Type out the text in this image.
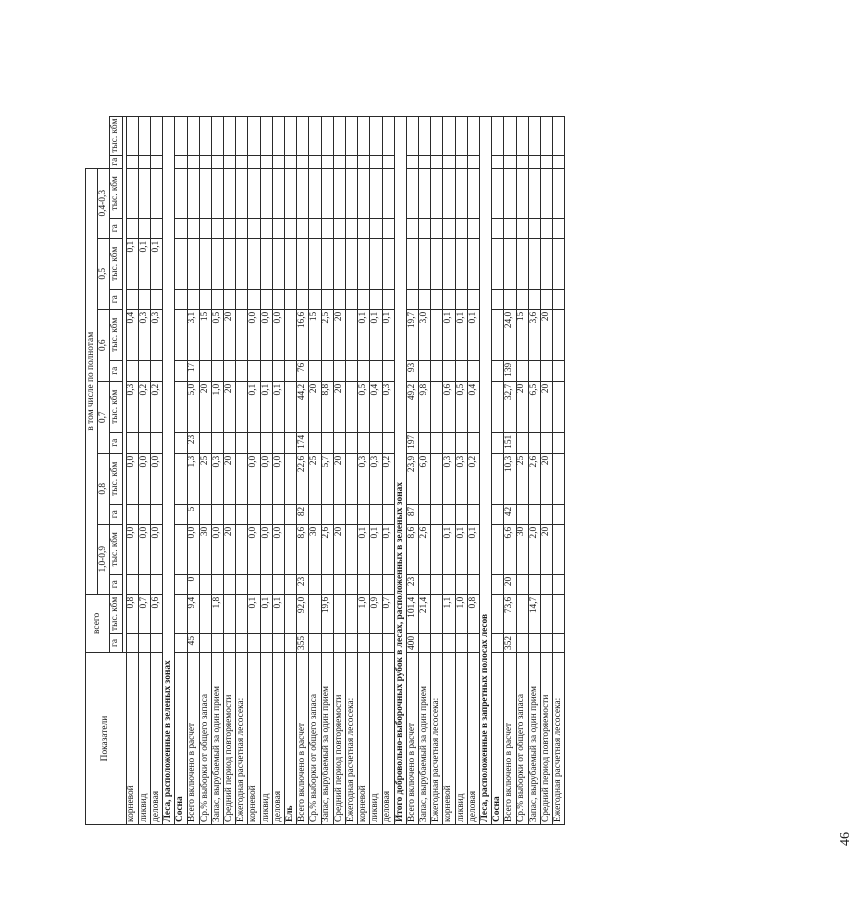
Показатели	всего		в том числе по полнотам													
			1,0-0,9		0,8		0,7		0,6		0,5		0,4-0,3			
	га	тыс. кбм	га	тыс. кбм	га	тыс. кбм	га	тыс. кбм	га	тыс. кбм	га	тыс. кбм	га	тыс. кбм	га	тыс. кбм

корневой		0,8		0,0		0,0		0,3		0,4		0,1				
ликвид		0,7		0,0		0,0		0,2		0,3		0,1				
деловая		0,6		0,0		0,0		0,2		0,3		0,1				
Леса, расположенные в зеленых зонах																
Сосна																
Всего включено в расчет	45	9,4	0	0,0	5	1,3	23	5,0	17	3,1						
Ср.% выборки от общего запаса				30		25		20		15						
Запас, вырубаемый за один прием		1,8		0,0		0,3		1,0		0,5						
Средний период повторяемости				20		20		20		20						
Ежегодная расчетная лесосека:																
корневой		0,1		0,0		0,0		0,1		0,0						
ликвид		0,1		0,0		0,0		0,1		0,0						
деловая		0,1		0,0		0,0		0,1		0,0						
Ель																
Всего включено в расчет	355	92,0	23	8,6	82	22,6	174	44,2	76	16,6						
Ср.% выборки от общего запаса				30		25		20		15						
Запас, вырубаемый за один прием		19,6		2,6		5,7		8,8		2,5						
Средний период повторяемости				20		20		20		20						
Ежегодная расчетная лесосека:																
корневой		1,0		0,1		0,3		0,5		0,1						
ликвид		0,9		0,1		0,3		0,4		0,1						
деловая		0,7		0,1		0,2		0,3		0,1						
Итого добровольно-выборочных рубок в лесах, расположенных в зеленых зонах																
Всего включено в расчет	400	101,4	23	8,6	87	23,9	197	49,2	93	19,7						
Запас, вырубаемый за один прием		21,4		2,6		6,0		9,8		3,0						
Ежегодная расчетная лесосека:																
корневой		1,1		0,1		0,3		0,6		0,1						
ликвид		1,0		0,1		0,3		0,5		0,1						
деловая		0,8		0,1		0,2		0,4		0,1						
Леса, расположенные в запретных полосах лесов																
Сосна																
Всего включено в расчет	352	73,6	20	6,6	42	10,3	151	32,7	139	24,0						
Ср.% выборки от общего запаса				30		25		20		15						
Запас, вырубаемый за один прием		14,7		2,0		2,6		6,5		3,6						
Средний период повторяемости				20		20		20		20						
Ежегодная расчетная лесосека:																
46
